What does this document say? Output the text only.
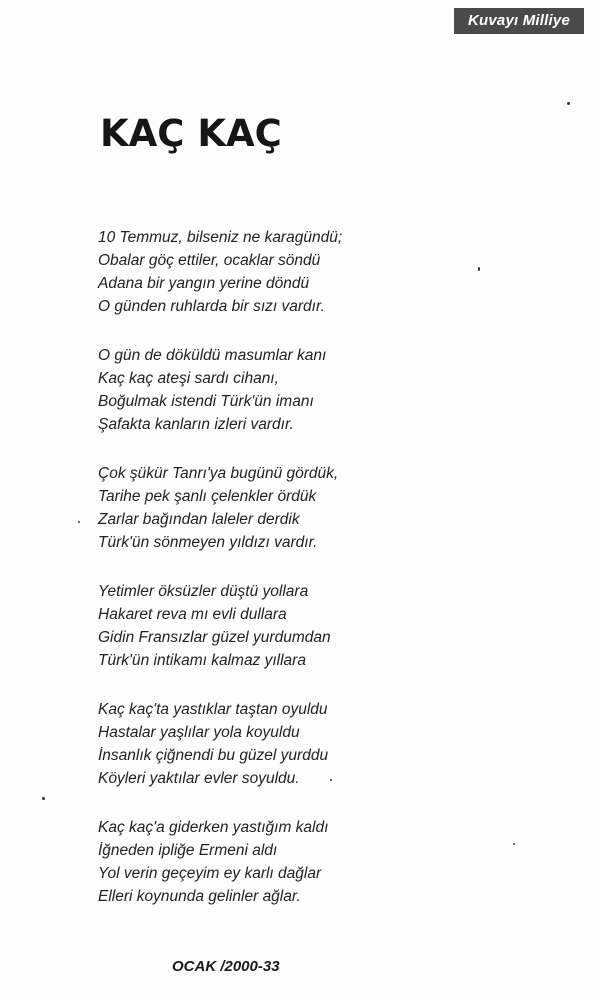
Kuvayı Milliye
KAÇ KAÇ
10 Temmuz, bilseniz ne karagündü;
Obalar göç ettiler, ocaklar söndü
Adana bir yangın yerine döndü
O günden ruhlarda bir sızı vardır.
O gün de döküldü masumlar kanı
Kaç kaç ateşi sardı cihanı,
Boğulmak istendi Türk'ün imanı
Şafakta kanların izleri vardır.
Çok şükür Tanrı'ya bugünü gördük,
Tarihe pek şanlı çelenkler ördük
Zarlar bağından laleler derdik
Türk'ün sönmeyen yıldızı vardır.
Yetimler öksüzler düştü yollara
Hakaret reva mı evli dullara
Gidin Fransızlar güzel yurdumdan
Türk'ün intikamı kalmaz yıllara
Kaç kaç'ta yastıklar taştan oyuldu
Hastalar yaşlılar yola koyuldu
İnsanlık çiğnendi bu güzel yurddu
Köyleri yaktılar evler soyuldu.
Kaç kaç'a giderken yastığım kaldı
İğneden ipliğe Ermeni aldı
Yol verin geçeyim ey karlı dağlar
Elleri koynunda gelinler ağlar.
OCAK /2000-33
